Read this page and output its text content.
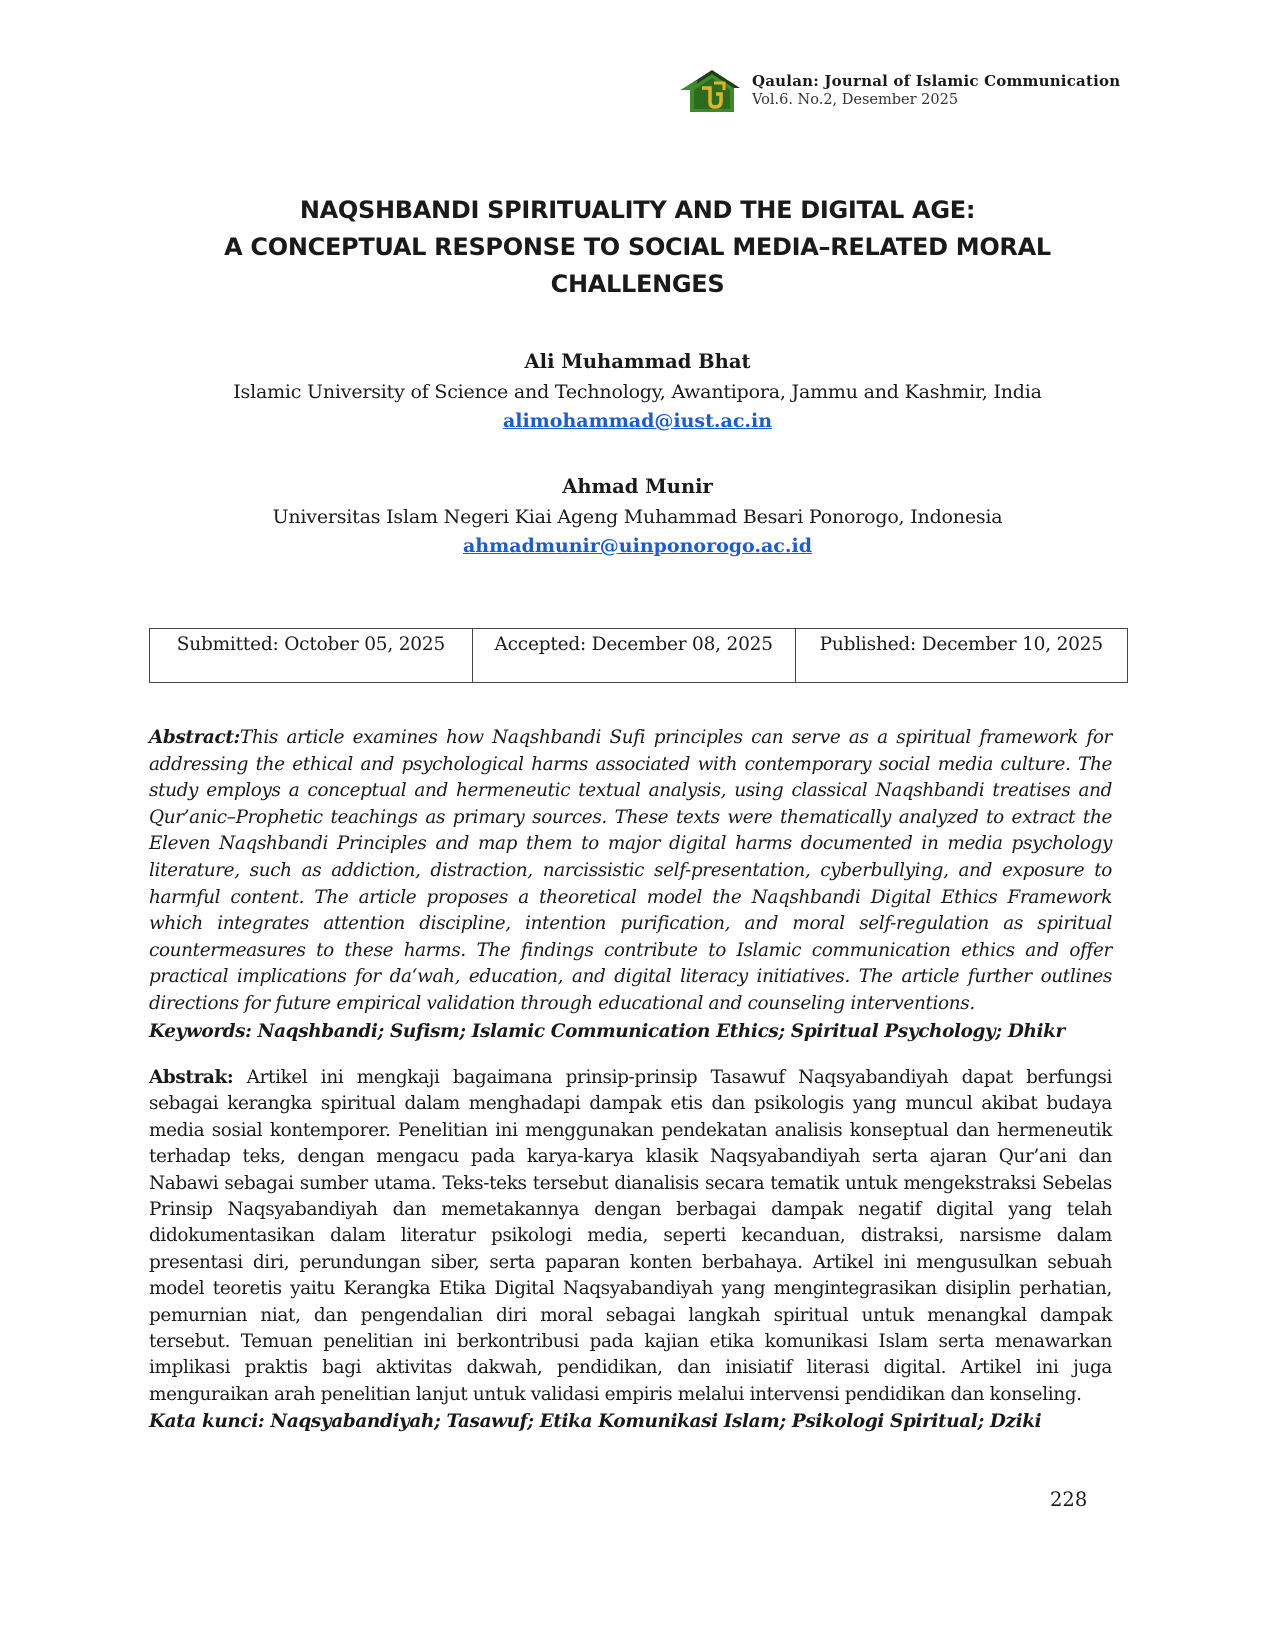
Qaulan: Journal of Islamic Communication
Vol.6. No.2, Desember 2025
NAQSHBANDI SPIRITUALITY AND THE DIGITAL AGE:
A CONCEPTUAL RESPONSE TO SOCIAL MEDIA–RELATED MORAL
CHALLENGES
Ali Muhammad Bhat
Islamic University of Science and Technology, Awantipora, Jammu and Kashmir, India
alimohammad@iust.ac.in
Ahmad Munir
Universitas Islam Negeri Kiai Ageng Muhammad Besari Ponorogo, Indonesia
ahmadmunir@uinponorogo.ac.id
Submitted: October 05, 2025	Accepted: December 08, 2025	Published: December 10, 2025
Abstract:This article examines how Naqshbandi Sufi principles can serve as a spiritual framework for addressing the ethical and psychological harms associated with contemporary social media culture. The study employs a conceptual and hermeneutic textual analysis, using classical Naqshbandi treatises and Qur’anic–Prophetic teachings as primary sources. These texts were thematically analyzed to extract the Eleven Naqshbandi Principles and map them to major digital harms documented in media psychology literature, such as addiction, distraction, narcissistic self-presentation, cyberbullying, and exposure to harmful content. The article proposes a theoretical model the Naqshbandi Digital Ethics Framework which integrates attention discipline, intention purification, and moral self-regulation as spiritual countermeasures to these harms. The findings contribute to Islamic communication ethics and offer practical implications for da‘wah, education, and digital literacy initiatives. The article further outlines directions for future empirical validation through educational and counseling interventions.
Keywords: Naqshbandi; Sufism; Islamic Communication Ethics; Spiritual Psychology; Dhikr
Abstrak: Artikel ini mengkaji bagaimana prinsip-prinsip Tasawuf Naqsyabandiyah dapat berfungsi sebagai kerangka spiritual dalam menghadapi dampak etis dan psikologis yang muncul akibat budaya media sosial kontemporer. Penelitian ini menggunakan pendekatan analisis konseptual dan hermeneutik terhadap teks, dengan mengacu pada karya-karya klasik Naqsyabandiyah serta ajaran Qur’ani dan Nabawi sebagai sumber utama. Teks-teks tersebut dianalisis secara tematik untuk mengekstraksi Sebelas Prinsip Naqsyabandiyah dan memetakannya dengan berbagai dampak negatif digital yang telah didokumentasikan dalam literatur psikologi media, seperti kecanduan, distraksi, narsisme dalam presentasi diri, perundungan siber, serta paparan konten berbahaya. Artikel ini mengusulkan sebuah model teoretis yaitu Kerangka Etika Digital Naqsyabandiyah yang mengintegrasikan disiplin perhatian, pemurnian niat, dan pengendalian diri moral sebagai langkah spiritual untuk menangkal dampak tersebut. Temuan penelitian ini berkontribusi pada kajian etika komunikasi Islam serta menawarkan implikasi praktis bagi aktivitas dakwah, pendidikan, dan inisiatif literasi digital. Artikel ini juga menguraikan arah penelitian lanjut untuk validasi empiris melalui intervensi pendidikan dan konseling.
Kata kunci: Naqsyabandiyah; Tasawuf; Etika Komunikasi Islam; Psikologi Spiritual; Dziki
228
